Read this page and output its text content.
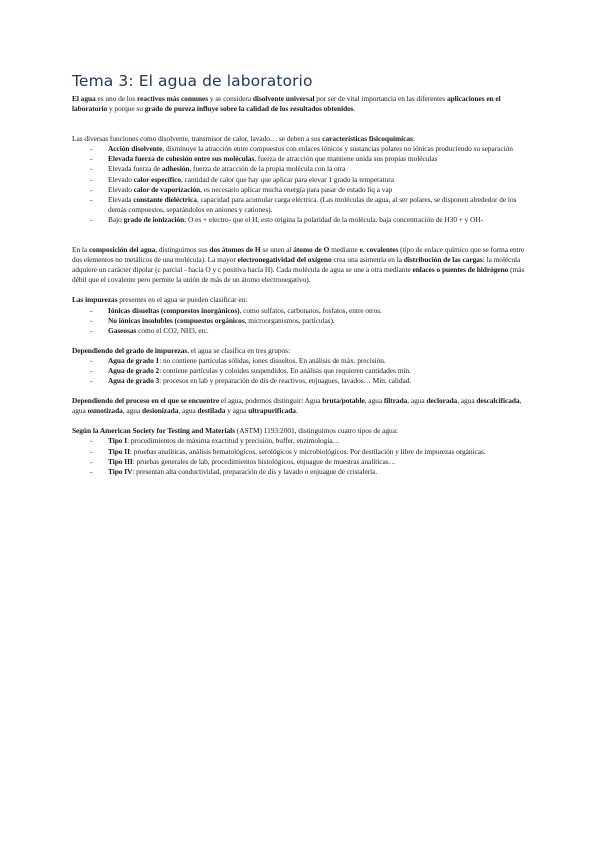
Tema 3: El agua de laboratorio

El agua es uno de los reactivos más comunes y se considera disolvente universal por ser de vital importancia en las diferentes aplicaciones en el laboratorio y porque su grado de pureza influye sobre la calidad de los resultados obtenidos.

Las diversas funciones como disolvente, transmisor de calor, lavado… se deben a sus características fisicoquímicas:

- Acción disolvente, disminuye la atracción entre compuestos con enlaces iónicos y sustancias polares no iónicas produciendo su separación
- Elevada fuerza de cohesión entre sus moléculas, fuerza de atracción que mantiene unida sus propias moléculas
- Elevada fuerza de adhesión, fuerza de atracción de la propia molécula con la otra
- Elevado calor específico, cantidad de calor que hay que aplicar para elevar 1 grado la temperatura
- Elevado calor de vaporización, es necesario aplicar mucha energía para pasar de estado líq a vap
- Elevada constante dieléctrica, capacidad para acumular carga eléctrica. (Las moléculas de agua, al ser polares, se disponen alrededor de los demás compuestos, separándolos en aniones y cationes).
- Bajo grado de ionización: O es + electro- que el H, esto origina la polaridad de la molécula. baja concentración de H30 + y OH-

En la composición del agua, distinguimos sus dos átomos de H se unen al átomo de O mediante e. covalentes (tipo de enlace químico que se forma entre dos elementos no metálicos de una molécula). La mayor electronegatividad del oxígeno crea una asimetría en la distribución de las cargas: la molécula adquiere un carácter dipolar (c parcial - hacia O y c positiva hacia H). Cada molécula de agua se une a otra mediante enlaces o puentes de hidrógeno (más débil que el covalente pero permite la unión de más de un átomo electronegativo).

Las impurezas presentes en el agua se pueden clasificar en:

- Iónicas disueltas (compuestos inorgánicos), como sulfatos, carbonatos, fosfatos, entre otros.
- No iónicas insolubles (compuestos orgánicos, microorganismos, partículas).
- Gaseosas como el CO2, NH3, etc.

Dependiendo del grado de impurezas, el agua se clasifica en tres grupos:

- Agua de grado 1: no contiene partículas sólidas, iones disueltos. En análisis de máx. precisión.
- Agua de grado 2: contiene partículas y coloides suspendidos. En análisis que requieren cantidades mín.
- Agua de grado 3: procesos en lab y preparación de dis de reactivos, enjuagues, lavados… Mín. calidad.

Dependiendo del proceso en el que se encuentre el agua, podemos distinguir: Agua bruta/potable, agua filtrada, agua declorada, agua descalcificada, agua osmotizada, agua desionizada, agua destilada y agua ultrapurificada.

Según la American Society for Testing and Materials (ASTM) 1193:2001, distinguimos cuatro tipos de agua:

- Tipo I: procedimientos de máxima exactitud y precisión, buffer, enzimología…
- Tipo II: pruebas analíticas, análisis hematológicos, serológicos y microbiológicos. Por destilación y libre de impurezas orgánicas.
- Tipo III: pruebas generales de lab, procedimientos histológicos, enjuague de muestras analíticas…
- Tipo IV: presentan alta conductividad, preparación de dis y lavado o enjuague de cristalería.
